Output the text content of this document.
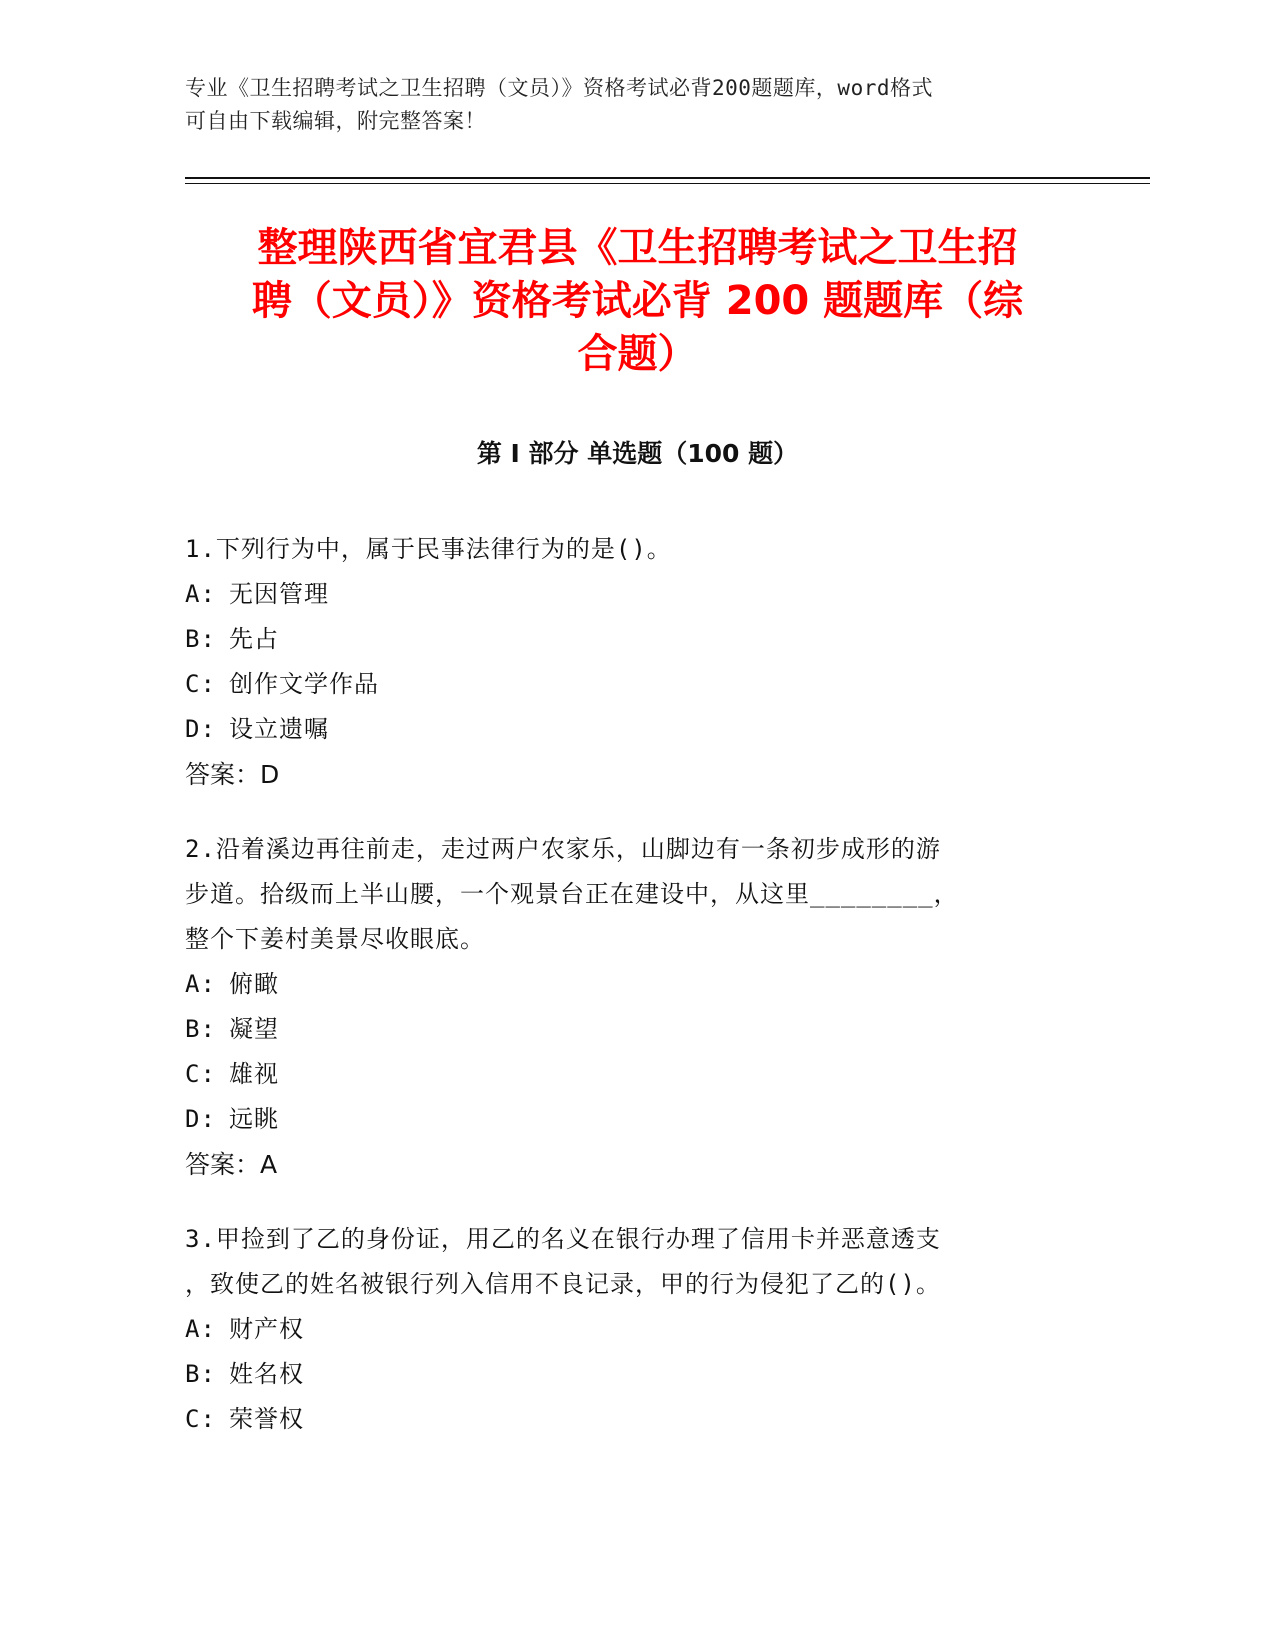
专业《卫生招聘考试之卫生招聘（文员）》资格考试必背200题题库，word格式
可自由下载编辑，附完整答案！
整理陕西省宜君县《卫生招聘考试之卫生招
聘（文员）》资格考试必背 200 题题库（综
合题）
第 I 部分 单选题（100 题）
1.下列行为中，属于民事法律行为的是()。
A: 无因管理
B: 先占
C: 创作文学作品
D: 设立遗嘱
答案：D
2.沿着溪边再往前走，走过两户农家乐，山脚边有一条初步成形的游
步道。拾级而上半山腰，一个观景台正在建设中，从这里________，
整个下姜村美景尽收眼底。
A: 俯瞰
B: 凝望
C: 雄视
D: 远眺
答案：A
3.甲捡到了乙的身份证，用乙的名义在银行办理了信用卡并恶意透支
，致使乙的姓名被银行列入信用不良记录，甲的行为侵犯了乙的()。
A: 财产权
B: 姓名权
C: 荣誉权
